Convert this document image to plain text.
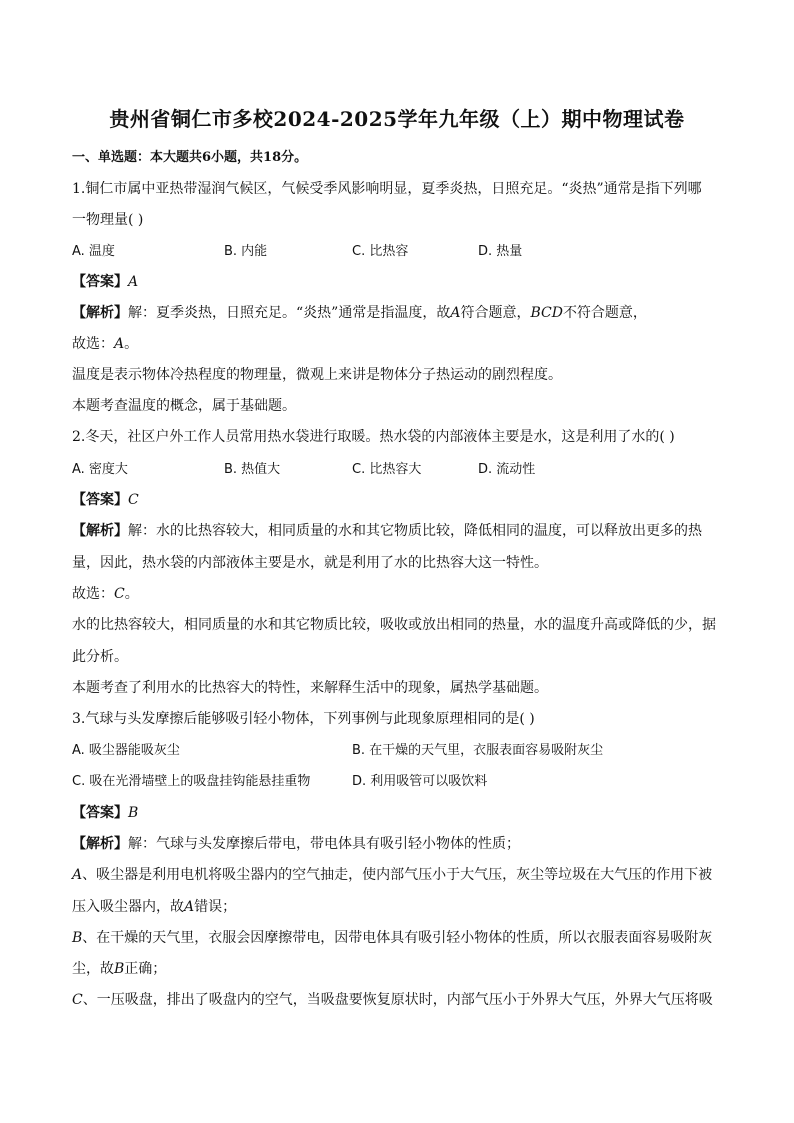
贵州省铜仁市多校2024-2025学年九年级（上）期中物理试卷
一、单选题：本大题共6小题，共18分。
1.铜仁市属中亚热带湿润气候区，气候受季风影响明显，夏季炎热，日照充足。“炎热”通常是指下列哪
一物理量( )
A. 温度	B. 内能	C. 比热容	D. 热量
【答案】A
【解析】解：夏季炎热，日照充足。“炎热”通常是指温度，故A符合题意，BCD不符合题意，
故选：A。
温度是表示物体冷热程度的物理量，微观上来讲是物体分子热运动的剧烈程度。
本题考查温度的概念，属于基础题。
2.冬天，社区户外工作人员常用热水袋进行取暖。热水袋的内部液体主要是水，这是利用了水的( )
A. 密度大	B. 热值大	C. 比热容大	D. 流动性
【答案】C
【解析】解：水的比热容较大，相同质量的水和其它物质比较，降低相同的温度，可以释放出更多的热
量，因此，热水袋的内部液体主要是水，就是利用了水的比热容大这一特性。
故选：C。
水的比热容较大，相同质量的水和其它物质比较，吸收或放出相同的热量，水的温度升高或降低的少，据
此分析。
本题考查了利用水的比热容大的特性，来解释生活中的现象，属热学基础题。
3.气球与头发摩擦后能够吸引轻小物体，下列事例与此现象原理相同的是( )
A. 吸尘器能吸灰尘	B. 在干燥的天气里，衣服表面容易吸附灰尘
C. 吸在光滑墙壁上的吸盘挂钩能悬挂重物	D. 利用吸管可以吸饮料
【答案】B
【解析】解：气球与头发摩擦后带电，带电体具有吸引轻小物体的性质；
A、吸尘器是利用电机将吸尘器内的空气抽走，使内部气压小于大气压，灰尘等垃圾在大气压的作用下被
压入吸尘器内，故A错误；
B、在干燥的天气里，衣服会因摩擦带电，因带电体具有吸引轻小物体的性质，所以衣服表面容易吸附灰
尘，故B正确；
C、一压吸盘，排出了吸盘内的空气，当吸盘要恢复原状时，内部气压小于外界大气压，外界大气压将吸
